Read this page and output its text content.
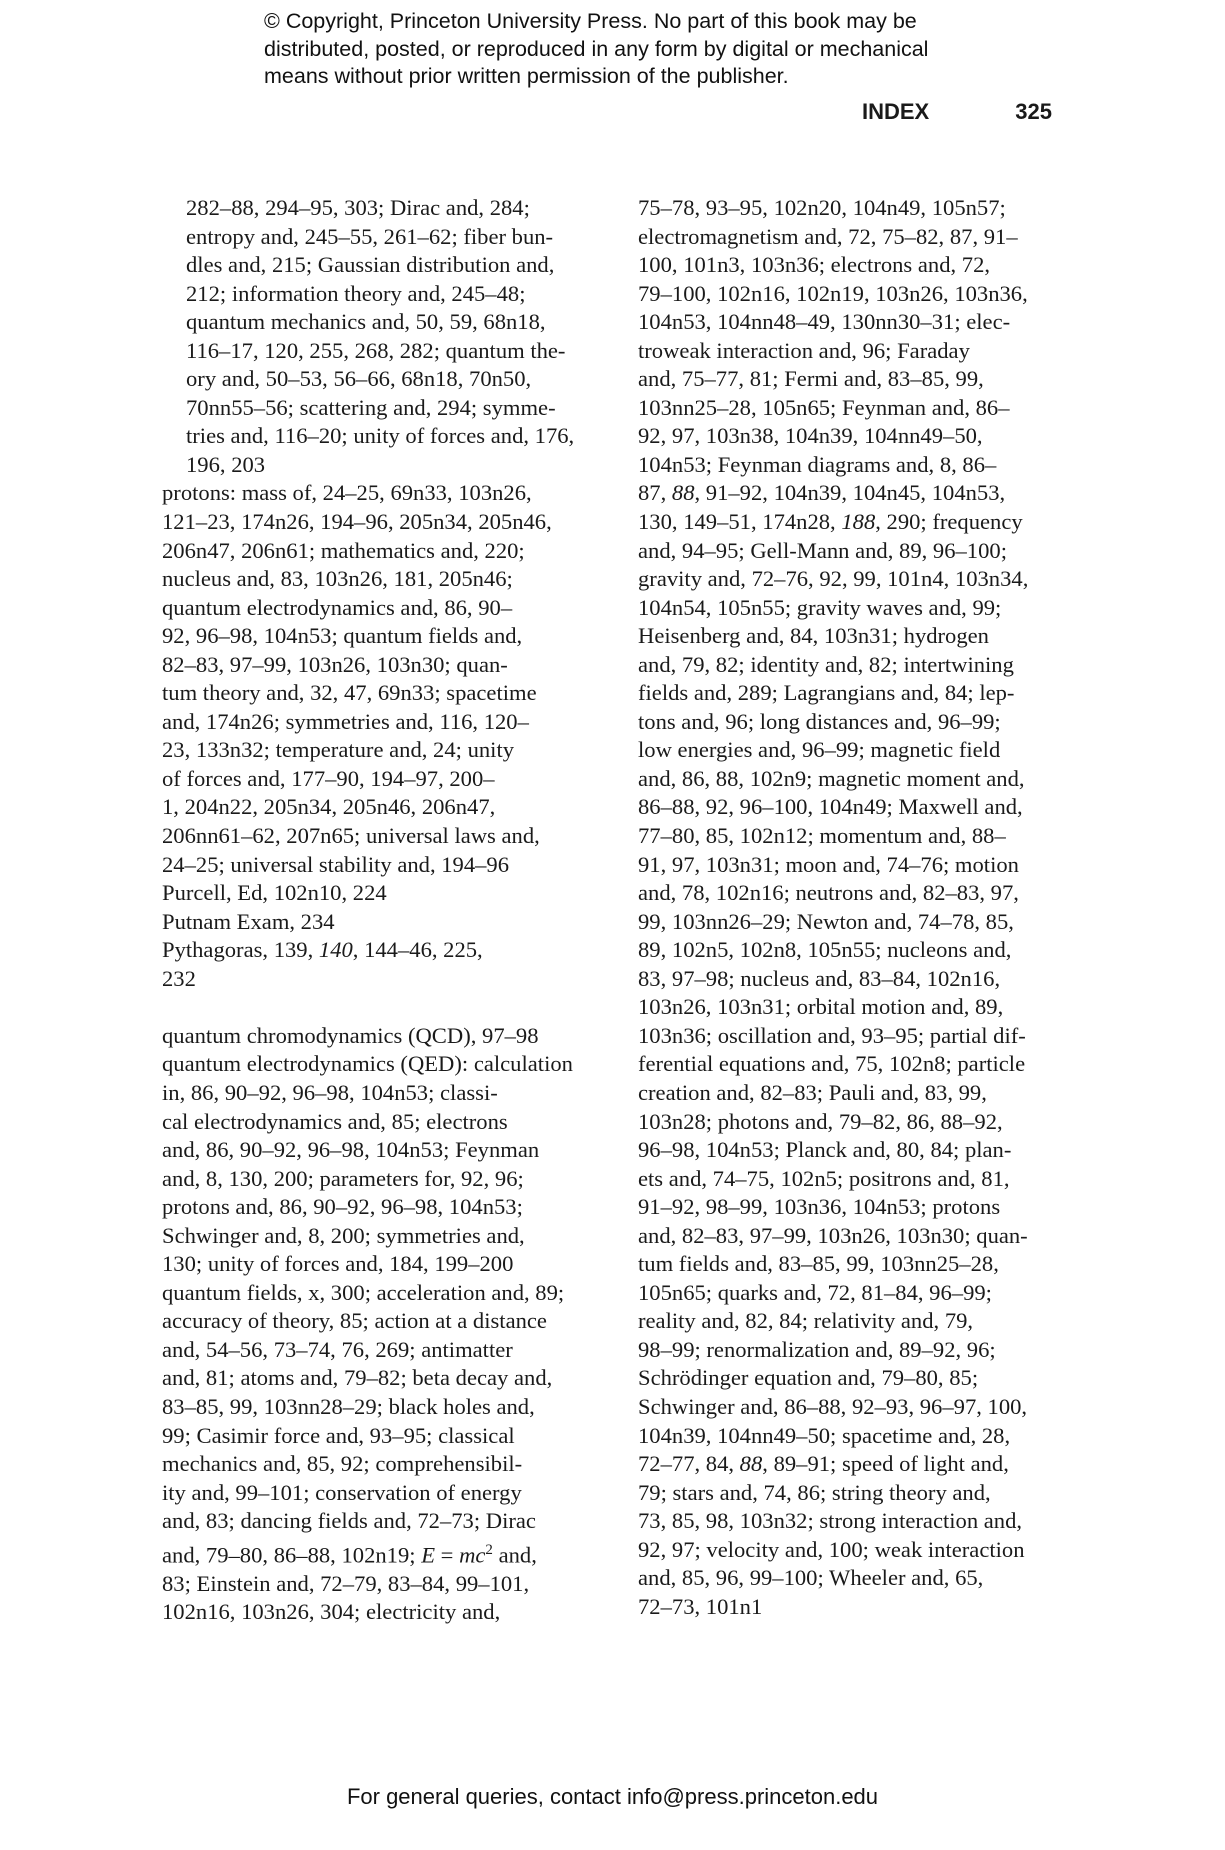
© Copyright, Princeton University Press. No part of this book may be
distributed, posted, or reproduced in any form by digital or mechanical
means without prior written permission of the publisher.
INDEX	325
282–88, 294–95, 303; Dirac and, 284;
entropy and, 245–55, 261–62; fiber bun-
dles and, 215; Gaussian distribution and,
212; information theory and, 245–48;
quantum mechanics and, 50, 59, 68n18,
116–17, 120, 255, 268, 282; quantum the-
ory and, 50–53, 56–66, 68n18, 70n50,
70nn55–56; scattering and, 294; symme-
tries and, 116–20; unity of forces and, 176,
196, 203
protons: mass of, 24–25, 69n33, 103n26,
121–23, 174n26, 194–96, 205n34, 205n46,
206n47, 206n61; mathematics and, 220;
nucleus and, 83, 103n26, 181, 205n46;
quantum electrodynamics and, 86, 90–
92, 96–98, 104n53; quantum fields and,
82–83, 97–99, 103n26, 103n30; quan-
tum theory and, 32, 47, 69n33; spacetime
and, 174n26; symmetries and, 116, 120–
23, 133n32; temperature and, 24; unity
of forces and, 177–90, 194–97, 200–
1, 204n22, 205n34, 205n46, 206n47,
206nn61–62, 207n65; universal laws and,
24–25; universal stability and, 194–96
Purcell, Ed, 102n10, 224
Putnam Exam, 234
Pythagoras, 139, 140, 144–46, 225,
232
quantum chromodynamics (QCD), 97–98
quantum electrodynamics (QED): calculation
in, 86, 90–92, 96–98, 104n53; classi-
cal electrodynamics and, 85; electrons
and, 86, 90–92, 96–98, 104n53; Feynman
and, 8, 130, 200; parameters for, 92, 96;
protons and, 86, 90–92, 96–98, 104n53;
Schwinger and, 8, 200; symmetries and,
130; unity of forces and, 184, 199–200
quantum fields, x, 300; acceleration and, 89;
accuracy of theory, 85; action at a distance
and, 54–56, 73–74, 76, 269; antimatter
and, 81; atoms and, 79–82; beta decay and,
83–85, 99, 103nn28–29; black holes and,
99; Casimir force and, 93–95; classical
mechanics and, 85, 92; comprehensibil-
ity and, 99–101; conservation of energy
and, 83; dancing fields and, 72–73; Dirac
and, 79–80, 86–88, 102n19; $E = mc^2$ and,
83; Einstein and, 72–79, 83–84, 99–101,
102n16, 103n26, 304; electricity and,
75–78, 93–95, 102n20, 104n49, 105n57;
electromagnetism and, 72, 75–82, 87, 91–
100, 101n3, 103n36; electrons and, 72,
79–100, 102n16, 102n19, 103n26, 103n36,
104n53, 104nn48–49, 130nn30–31; elec-
troweak interaction and, 96; Faraday
and, 75–77, 81; Fermi and, 83–85, 99,
103nn25–28, 105n65; Feynman and, 86–
92, 97, 103n38, 104n39, 104nn49–50,
104n53; Feynman diagrams and, 8, 86–
87, 88, 91–92, 104n39, 104n45, 104n53,
130, 149–51, 174n28, 188, 290; frequency
and, 94–95; Gell-Mann and, 89, 96–100;
gravity and, 72–76, 92, 99, 101n4, 103n34,
104n54, 105n55; gravity waves and, 99;
Heisenberg and, 84, 103n31; hydrogen
and, 79, 82; identity and, 82; intertwining
fields and, 289; Lagrangians and, 84; lep-
tons and, 96; long distances and, 96–99;
low energies and, 96–99; magnetic field
and, 86, 88, 102n9; magnetic moment and,
86–88, 92, 96–100, 104n49; Maxwell and,
77–80, 85, 102n12; momentum and, 88–
91, 97, 103n31; moon and, 74–76; motion
and, 78, 102n16; neutrons and, 82–83, 97,
99, 103nn26–29; Newton and, 74–78, 85,
89, 102n5, 102n8, 105n55; nucleons and,
83, 97–98; nucleus and, 83–84, 102n16,
103n26, 103n31; orbital motion and, 89,
103n36; oscillation and, 93–95; partial dif-
ferential equations and, 75, 102n8; particle
creation and, 82–83; Pauli and, 83, 99,
103n28; photons and, 79–82, 86, 88–92,
96–98, 104n53; Planck and, 80, 84; plan-
ets and, 74–75, 102n5; positrons and, 81,
91–92, 98–99, 103n36, 104n53; protons
and, 82–83, 97–99, 103n26, 103n30; quan-
tum fields and, 83–85, 99, 103nn25–28,
105n65; quarks and, 72, 81–84, 96–99;
reality and, 82, 84; relativity and, 79,
98–99; renormalization and, 89–92, 96;
Schrödinger equation and, 79–80, 85;
Schwinger and, 86–88, 92–93, 96–97, 100,
104n39, 104nn49–50; spacetime and, 28,
72–77, 84, 88, 89–91; speed of light and,
79; stars and, 74, 86; string theory and,
73, 85, 98, 103n32; strong interaction and,
92, 97; velocity and, 100; weak interaction
and, 85, 96, 99–100; Wheeler and, 65,
72–73, 101n1
For general queries, contact info@press.princeton.edu
